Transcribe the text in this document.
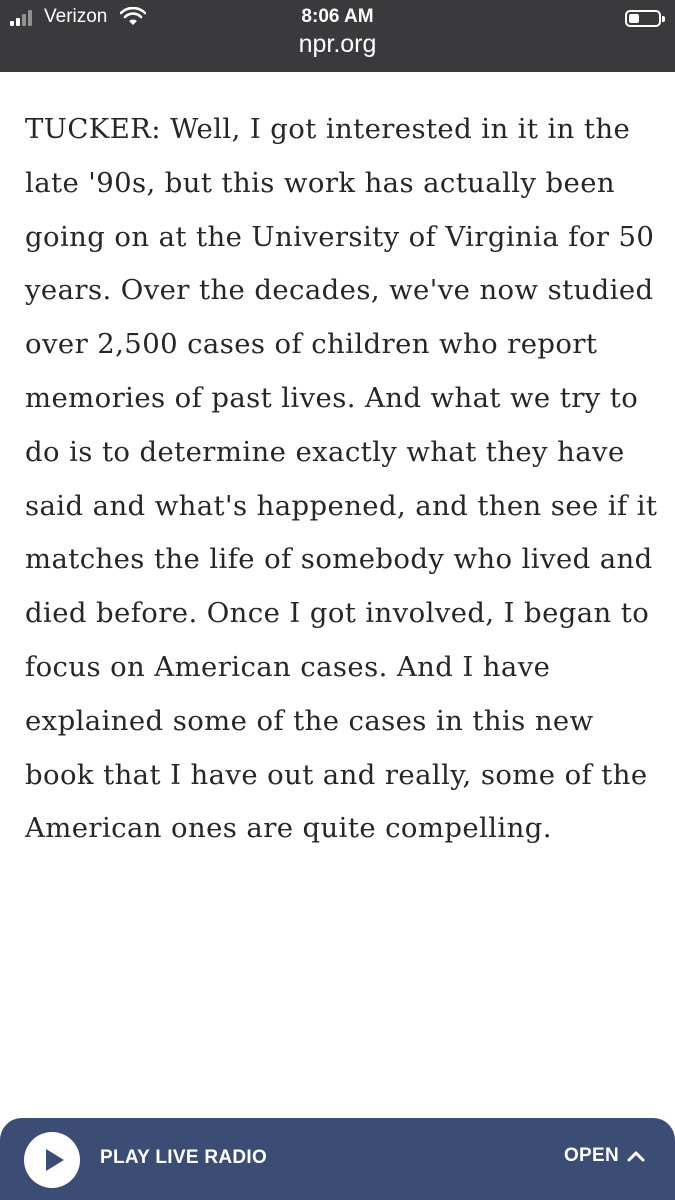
Verizon	8:06 AM
npr.org

TUCKER: Well, I got interested in it in the late '90s, but this work has actually been going on at the University of Virginia for 50 years. Over the decades, we've now studied over 2,500 cases of children who report memories of past lives. And what we try to do is to determine exactly what they have said and what's happened, and then see if it matches the life of somebody who lived and died before. Once I got involved, I began to focus on American cases. And I have explained some of the cases in this new book that I have out and really, some of the American ones are quite compelling.

PLAY LIVE RADIO	OPEN
